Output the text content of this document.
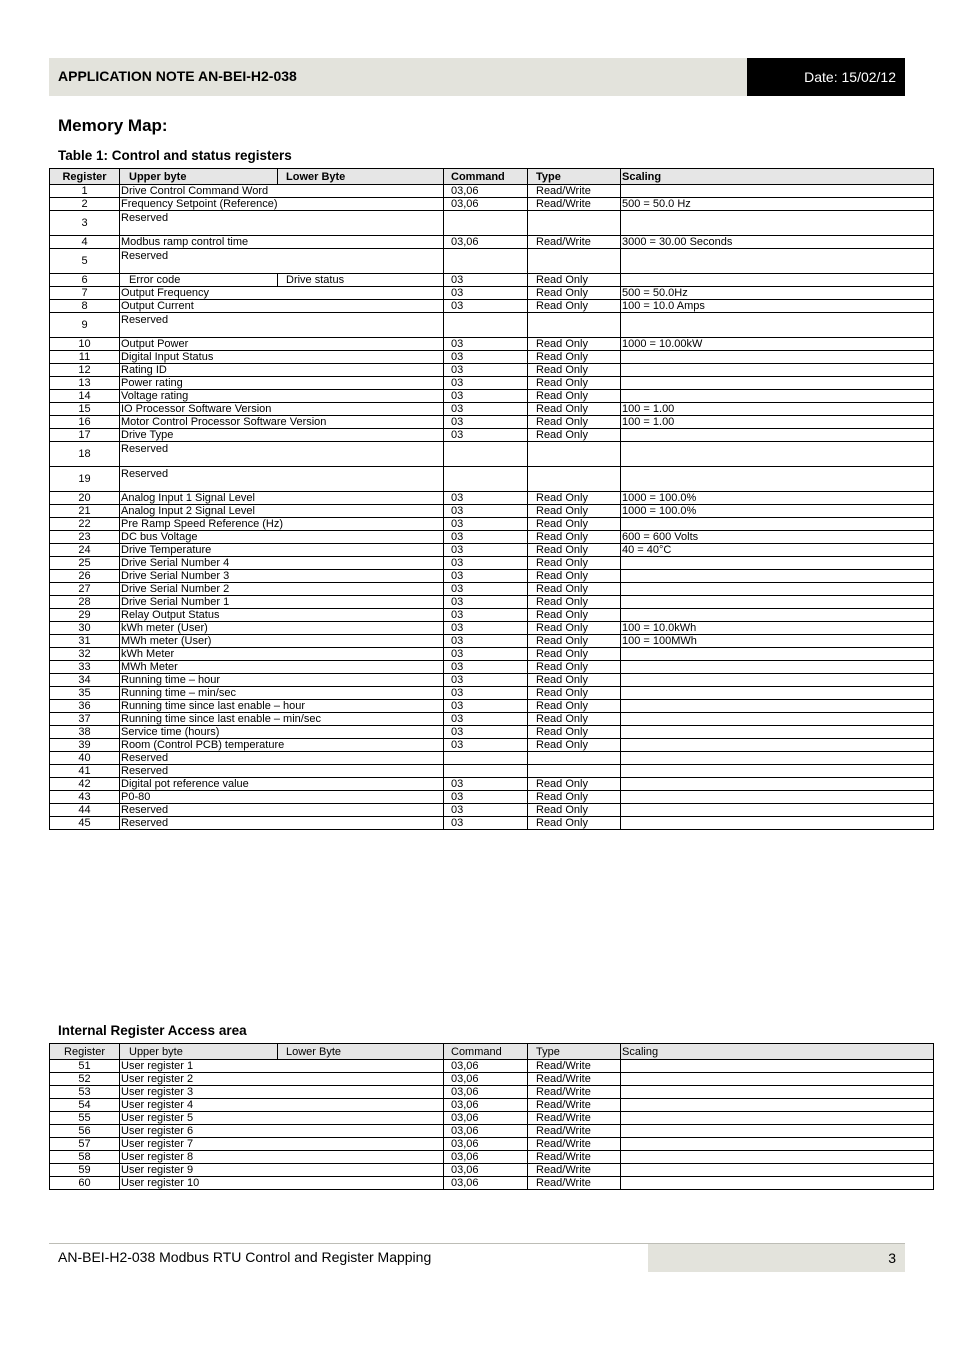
APPLICATION NOTE AN-BEI-H2-038	Date: 15/02/12
Memory Map:
Table 1: Control and status registers
Register	Upper byte	Lower Byte	Command	Type	Scaling
1	Drive Control Command Word		03,06	Read/Write	
2	Frequency Setpoint (Reference)		03,06	Read/Write	500 = 50.0 Hz
3	Reserved				
4	Modbus ramp control time		03,06	Read/Write	3000 = 30.00 Seconds
5	Reserved				
6	Error code	Drive status	03	Read Only	
7	Output Frequency		03	Read Only	500 = 50.0Hz
8	Output Current		03	Read Only	100 = 10.0 Amps
9	Reserved				
10	Output Power		03	Read Only	1000 = 10.00kW
11	Digital Input Status		03	Read Only	
12	Rating ID		03	Read Only	
13	Power rating		03	Read Only	
14	Voltage rating		03	Read Only	
15	IO Processor Software Version		03	Read Only	100 = 1.00
16	Motor Control Processor Software Version		03	Read Only	100 = 1.00
17	Drive Type		03	Read Only	
18	Reserved				
19	Reserved				
20	Analog Input 1 Signal Level		03	Read Only	1000 = 100.0%
21	Analog Input 2 Signal Level		03	Read Only	1000 = 100.0%
22	Pre Ramp Speed Reference (Hz)		03	Read Only	
23	DC bus Voltage		03	Read Only	600 = 600 Volts
24	Drive Temperature		03	Read Only	40 = 40°C
25	Drive Serial Number 4		03	Read Only	
26	Drive Serial Number 3		03	Read Only	
27	Drive Serial Number 2		03	Read Only	
28	Drive Serial Number 1		03	Read Only	
29	Relay Output Status		03	Read Only	
30	kWh meter (User)		03	Read Only	100 = 10.0kWh
31	MWh meter (User)		03	Read Only	100 = 100MWh
32	kWh Meter		03	Read Only	
33	MWh Meter		03	Read Only	
34	Running time – hour		03	Read Only	
35	Running time – min/sec		03	Read Only	
36	Running time since last enable – hour		03	Read Only	
37	Running time since last enable – min/sec		03	Read Only	
38	Service time (hours)		03	Read Only	
39	Room (Control PCB) temperature		03	Read Only	
40	Reserved				
41	Reserved				
42	Digital pot reference value		03	Read Only	
43	P0-80		03	Read Only	
44	Reserved		03	Read Only	
45	Reserved		03	Read Only	
Internal Register Access area
Register	Upper byte	Lower Byte	Command	Type	Scaling
51	User register 1		03,06	Read/Write	
52	User register 2		03,06	Read/Write	
53	User register 3		03,06	Read/Write	
54	User register 4		03,06	Read/Write	
55	User register 5		03,06	Read/Write	
56	User register 6		03,06	Read/Write	
57	User register 7		03,06	Read/Write	
58	User register 8		03,06	Read/Write	
59	User register 9		03,06	Read/Write	
60	User register 10		03,06	Read/Write	
3
AN-BEI-H2-038 Modbus RTU Control and Register Mapping
